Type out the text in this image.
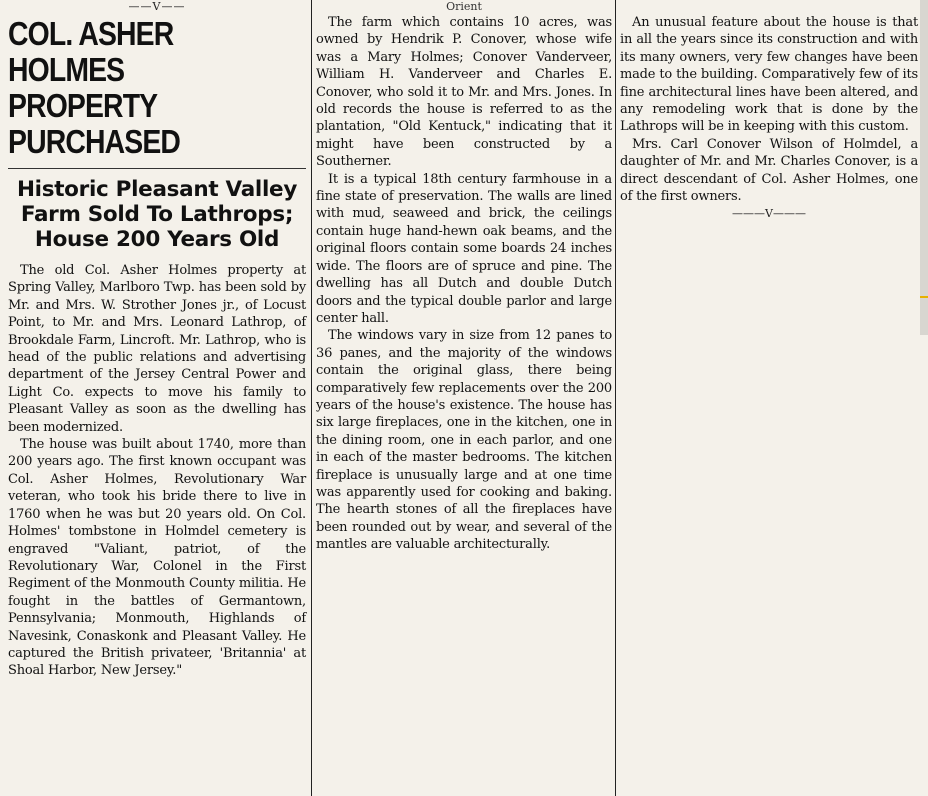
——V——
COL. ASHER HOLMES
PROPERTY PURCHASED
Historic Pleasant Valley
Farm Sold To Lathrops;
House 200 Years Old

The old Col. Asher Holmes property at Spring Valley, Marlboro Twp. has been sold by Mr. and Mrs. W. Strother Jones jr., of Locust Point, to Mr. and Mrs. Leonard Lathrop, of Brookdale Farm, Lincroft. Mr. Lathrop, who is head of the public relations and advertising department of the Jersey Central Power and Light Co. expects to move his family to Pleasant Valley as soon as the dwelling has been modernized.

The house was built about 1740, more than 200 years ago. The first known occupant was Col. Asher Holmes, Revolutionary War veteran, who took his bride there to live in 1760 when he was but 20 years old. On Col. Holmes' tombstone in Holmdel cemetery is engraved "Valiant, patriot, of the Revolutionary War, Colonel in the First Regiment of the Monmouth County militia. He fought in the battles of Germantown, Pennsylvania; Monmouth, Highlands of Navesink, Conaskonk and Pleasant Valley. He captured the British privateer, 'Britannia' at Shoal Harbor, New Jersey."

Orient

The farm which contains 10 acres, was owned by Hendrik P. Conover, whose wife was a Mary Holmes; Conover Vanderveer, William H. Vanderveer and Charles E. Conover, who sold it to Mr. and Mrs. Jones. In old records the house is referred to as the plantation, "Old Kentuck," indicating that it might have been constructed by a Southerner.

It is a typical 18th century farmhouse in a fine state of preservation. The walls are lined with mud, seaweed and brick, the ceilings contain huge hand-hewn oak beams, and the original floors contain some boards 24 inches wide. The floors are of spruce and pine. The dwelling has all Dutch and double Dutch doors and the typical double parlor and large center hall.

The windows vary in size from 12 panes to 36 panes, and the majority of the windows contain the original glass, there being comparatively few replacements over the 200 years of the house's existence. The house has six large fireplaces, one in the kitchen, one in the dining room, one in each parlor, and one in each of the master bedrooms. The kitchen fireplace is unusually large and at one time was apparently used for cooking and baking. The hearth stones of all the fireplaces have been rounded out by wear, and several of the mantles are valuable architecturally.

An unusual feature about the house is that in all the years since its construction and with its many owners, very few changes have been made to the building. Comparatively few of its fine architectural lines have been altered, and any remodeling work that is done by the Lathrops will be in keeping with this custom.

Mrs. Carl Conover Wilson of Holmdel, a daughter of Mr. and Mr. Charles Conover, is a direct descendant of Col. Asher Holmes, one of the first owners.

———V———
